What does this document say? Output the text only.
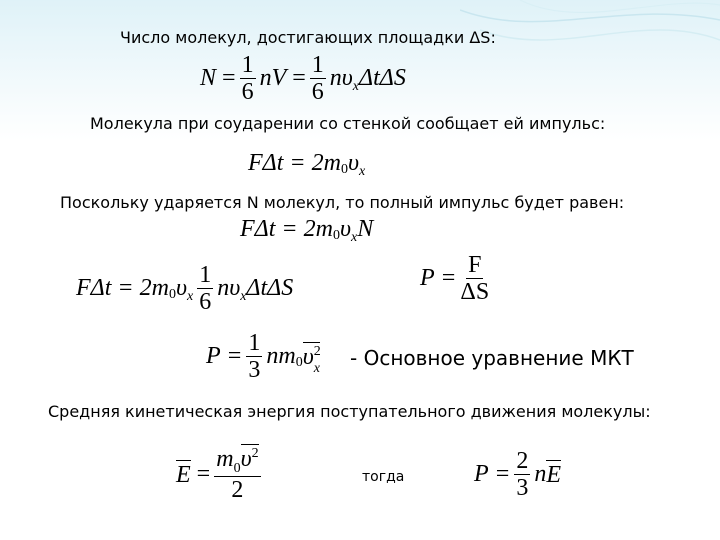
Число молекул, достигающих площадки ΔS:
N
= $\frac{1}{6}$ nV
= $\frac{1}{6}$ nυ x ΔtΔS
Молекула при соударении со стенкой сообщает ей импульс:
FΔt = 2m 0 υ x
Поскольку ударяется N молекул, то полный импульс будет равен:
FΔt = 2m 0 υ x N
FΔt = 2m 0 υ x $\frac{1}{6}$ nυ x ΔtΔS	$P = \frac{F}{\Delta S}$
$P = \frac{1}{3}$ nm 0 $\upsilon^2_x$ - Основное уравнение МКТ
Средняя кинетическая энергия поступательного движения молекулы:
E
= $\frac{m_0\upsilon^2}{2}$	тогда	$P = \frac{2}{3}$ n E
